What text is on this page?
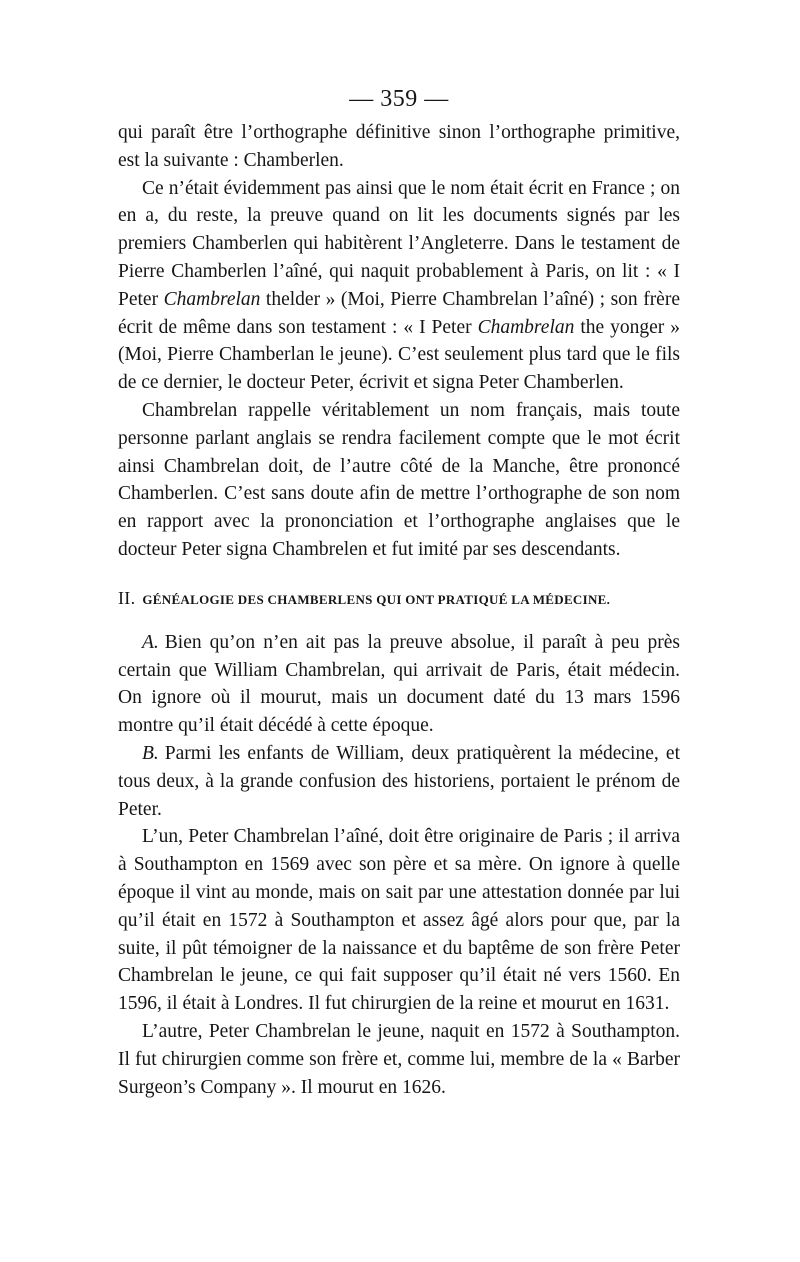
— 359 —

qui paraît être l’orthographe définitive sinon l’orthographe primitive, est la suivante : Chamberlen.

Ce n’était évidemment pas ainsi que le nom était écrit en France ; on en a, du reste, la preuve quand on lit les documents signés par les premiers Chamberlen qui habitèrent l’Angleterre. Dans le testament de Pierre Chamberlen l’aîné, qui naquit probablement à Paris, on lit : « I Peter Chambrelan thelder » (Moi, Pierre Chambrelan l’aîné) ; son frère écrit de même dans son testament : « I Peter Chambrelan the yonger » (Moi, Pierre Chamberlan le jeune). C’est seulement plus tard que le fils de ce dernier, le docteur Peter, écrivit et signa Peter Chamberlen.

Chambrelan rappelle véritablement un nom français, mais toute personne parlant anglais se rendra facilement compte que le mot écrit ainsi Chambrelan doit, de l’autre côté de la Manche, être prononcé Chamberlen. C’est sans doute afin de mettre l’orthographe de son nom en rapport avec la prononciation et l’orthographe anglaises que le docteur Peter signa Chambrelen et fut imité par ses descendants.

II. GÉNÉALOGIE DES CHAMBERLENS QUI ONT PRATIQUÉ LA MÉDECINE.

A. Bien qu’on n’en ait pas la preuve absolue, il paraît à peu près certain que William Chambrelan, qui arrivait de Paris, était médecin. On ignore où il mourut, mais un document daté du 13 mars 1596 montre qu’il était décédé à cette époque.

B. Parmi les enfants de William, deux pratiquèrent la médecine, et tous deux, à la grande confusion des historiens, portaient le prénom de Peter.

L’un, Peter Chambrelan l’aîné, doit être originaire de Paris ; il arriva à Southampton en 1569 avec son père et sa mère. On ignore à quelle époque il vint au monde, mais on sait par une attestation donnée par lui qu’il était en 1572 à Southampton et assez âgé alors pour que, par la suite, il pût témoigner de la naissance et du baptême de son frère Peter Chambrelan le jeune, ce qui fait supposer qu’il était né vers 1560. En 1596, il était à Londres. Il fut chirurgien de la reine et mourut en 1631.

L’autre, Peter Chambrelan le jeune, naquit en 1572 à Southampton. Il fut chirurgien comme son frère et, comme lui, membre de la « Barber Surgeon’s Company ». Il mourut en 1626.
